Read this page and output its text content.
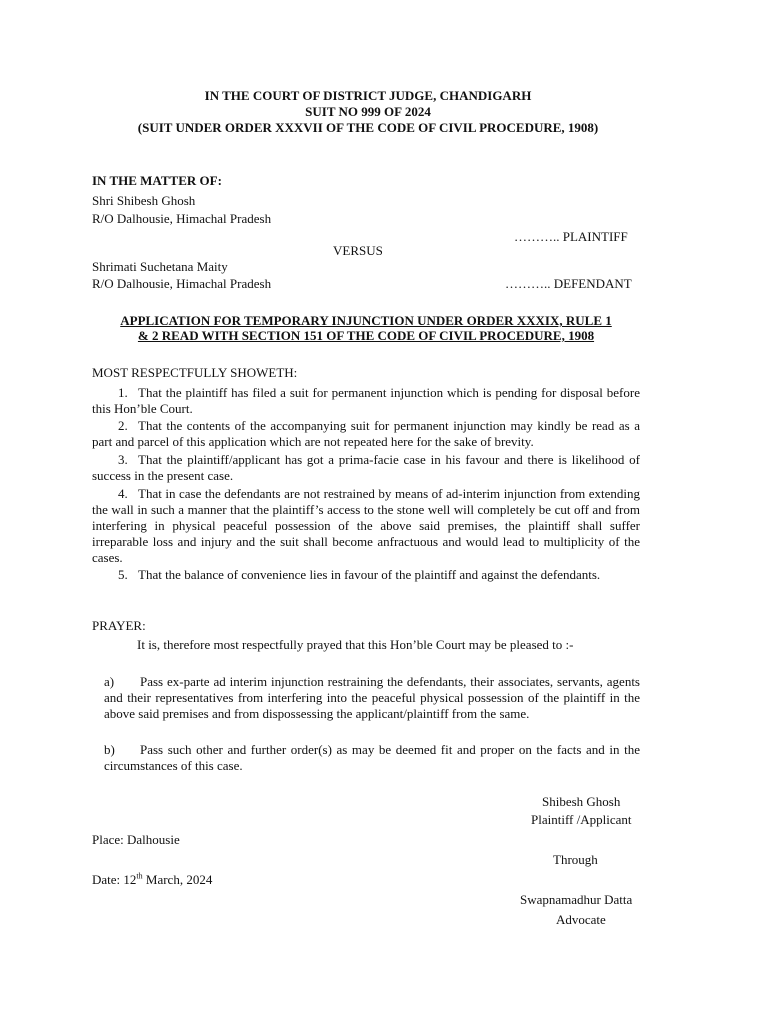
IN THE COURT OF DISTRICT JUDGE, CHANDIGARH
SUIT NO 999 OF 2024
(SUIT UNDER ORDER XXXVII OF THE CODE OF CIVIL PROCEDURE, 1908)
IN THE MATTER OF:
Shri Shibesh Ghosh
R/O Dalhousie, Himachal Pradesh
……….. PLAINTIFF
VERSUS
Shrimati Suchetana Maity
R/O Dalhousie, Himachal Pradesh	……….. DEFENDANT
APPLICATION FOR TEMPORARY INJUNCTION UNDER ORDER XXXIX, RULE 1
& 2 READ WITH SECTION 151 OF THE CODE OF CIVIL PROCEDURE, 1908
MOST RESPECTFULLY SHOWETH:
1. That the plaintiff has filed a suit for permanent injunction which is pending for disposal before this Hon’ble Court.
2. That the contents of the accompanying suit for permanent injunction may kindly be read as a part and parcel of this application which are not repeated here for the sake of brevity.
3. That the plaintiff/applicant has got a prima-facie case in his favour and there is likelihood of success in the present case.
4. That in case the defendants are not restrained by means of ad-interim injunction from extending the wall in such a manner that the plaintiff’s access to the stone well will completely be cut off and from interfering in physical peaceful possession of the above said premises, the plaintiff shall suffer irreparable loss and injury and the suit shall become anfractuous and would lead to multiplicity of the cases.
5. That the balance of convenience lies in favour of the plaintiff and against the defendants.
PRAYER:
It is, therefore most respectfully prayed that this Hon’ble Court may be pleased to :-
a) Pass ex-parte ad interim injunction restraining the defendants, their associates, servants, agents and their representatives from interfering into the peaceful physical possession of the plaintiff in the above said premises and from dispossessing the applicant/plaintiff from the same.
b) Pass such other and further order(s) as may be deemed fit and proper on the facts and in the circumstances of this case.
Shibesh Ghosh
Plaintiff /Applicant
Place: Dalhousie
Through
Date: 12th March, 2024
Swapnamadhur Datta
Advocate
